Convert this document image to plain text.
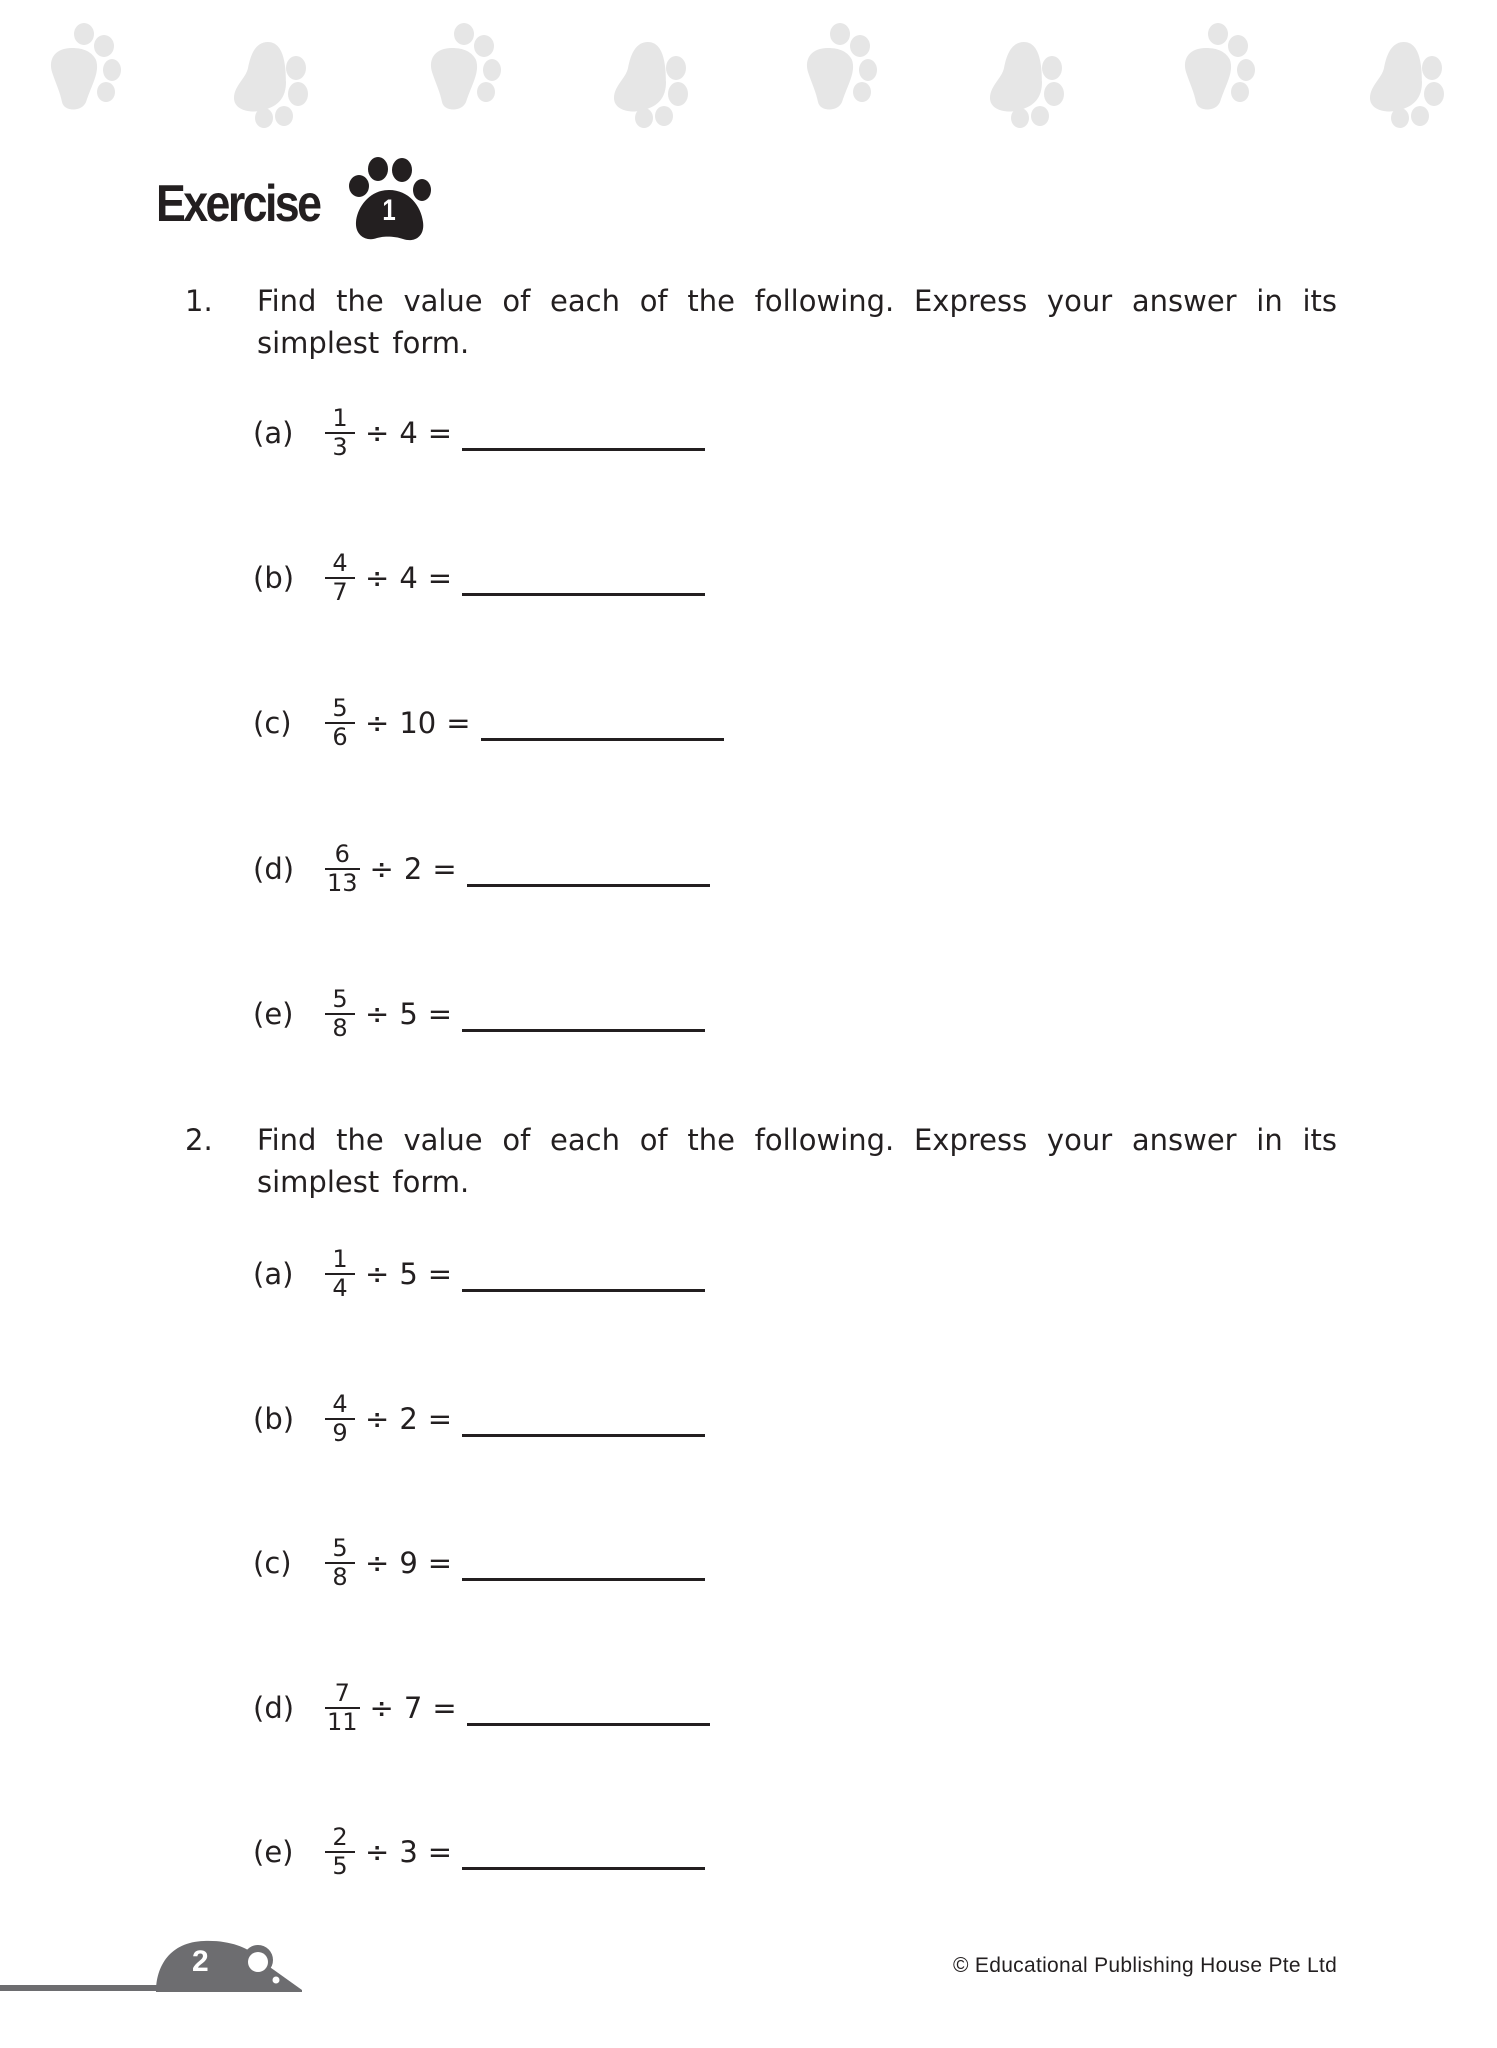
Exercise	1
1. Find the value of each of the following. Express your answer in its simplest form.
(a)	$\frac{1}{3} \div 4$ =
(b)	$\frac{4}{7} \div 4$ =
(c)	$\frac{5}{6} \div 10$ =
(d)	$\frac{6}{13} \div 2$ =
(e)	$\frac{5}{8} \div 5$ =
2. Find the value of each of the following. Express your answer in its simplest form.
(a)	$\frac{1}{4} \div 5$ =
(b)	$\frac{4}{9} \div 2$ =
(c)	$\frac{5}{8} \div 9$ =
(d)	$\frac{7}{11} \div 7$ =
(e)	$\frac{2}{5} \div 3$ =
2	© Educational Publishing House Pte Ltd
